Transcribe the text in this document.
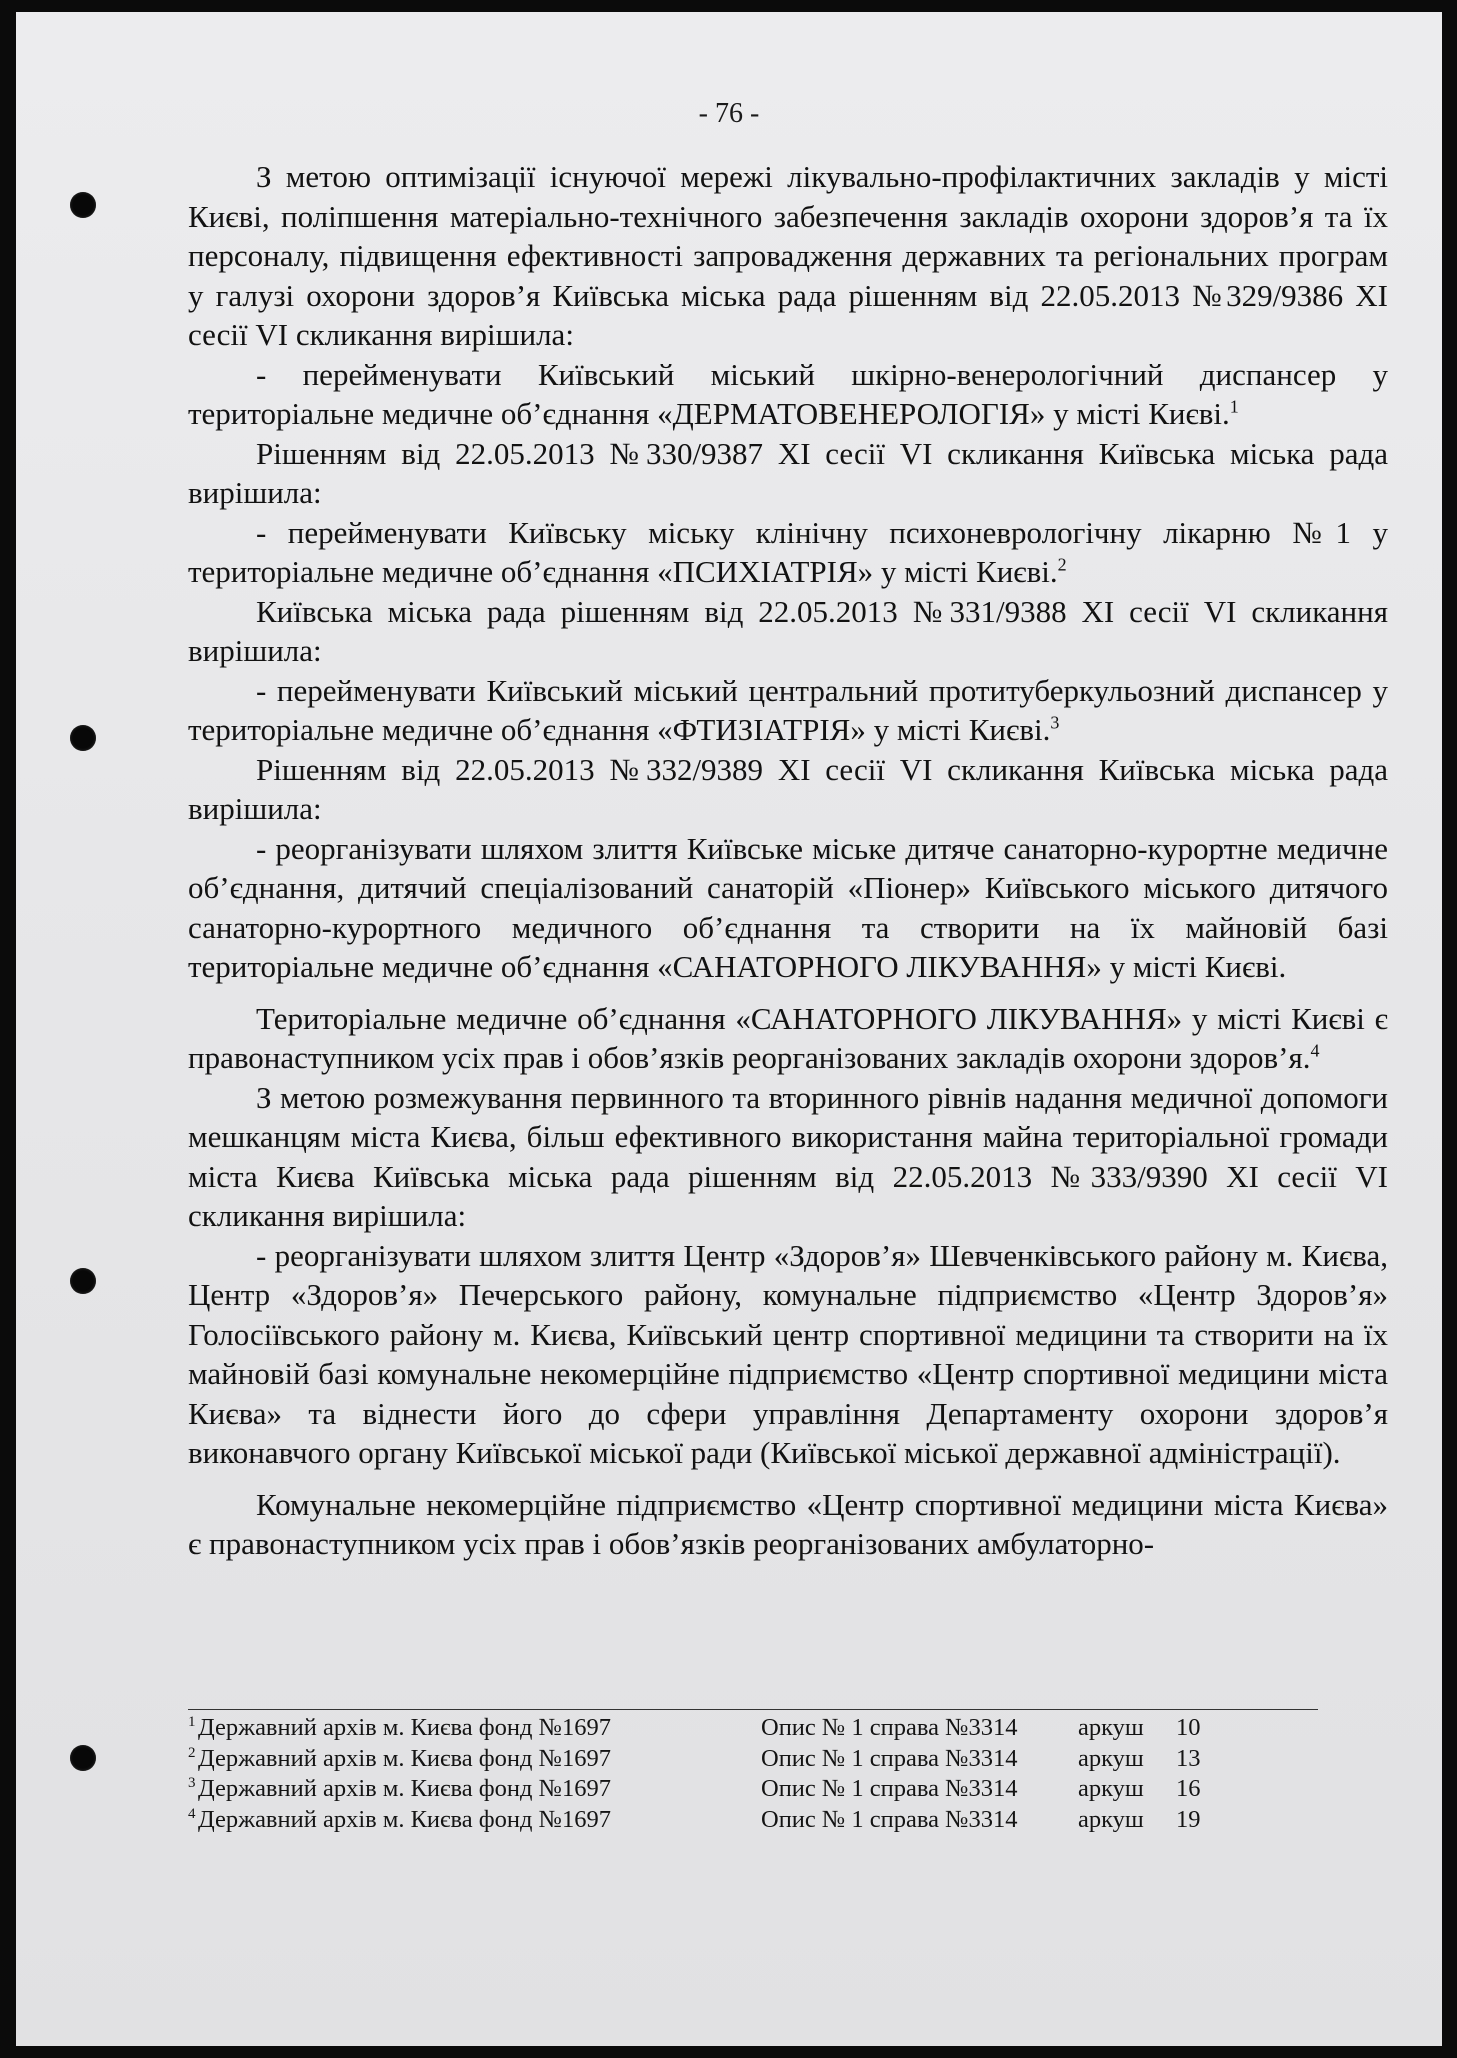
- 76 -

З метою оптимізації існуючої мережі лікувально-профілактичних закладів у місті Києві, поліпшення матеріально-технічного забезпечення закладів охорони здоров’я та їх персоналу, підвищення ефективності запровадження державних та регіональних програм у галузі охорони здоров’я Київська міська рада рішенням від 22.05.2013 №329/9386 XI сесії VI скликання вирішила:

- перейменувати Київський міський шкірно-венерологічний диспансер у територіальне медичне об’єднання «ДЕРМАТОВЕНЕРОЛОГІЯ» у місті Києві.$^1$

Рішенням від 22.05.2013 №330/9387 XI сесії VI скликання Київська міська рада вирішила:

- перейменувати Київську міську клінічну психоневрологічну лікарню №1 у територіальне медичне об’єднання «ПСИХІАТРІЯ» у місті Києві.$^2$

Київська міська рада рішенням від 22.05.2013 №331/9388 XI сесії VI скликання вирішила:

- перейменувати Київський міський центральний протитуберкульозний диспансер у територіальне медичне об’єднання «ФТИЗІАТРІЯ» у місті Києві.$^3$

Рішенням від 22.05.2013 №332/9389 XI сесії VI скликання Київська міська рада вирішила:

- реорганізувати шляхом злиття Київське міське дитяче санаторно-курортне медичне об’єднання, дитячий спеціалізований санаторій «Піонер» Київського міського дитячого санаторно-курортного медичного об’єднання та створити на їх майновій базі територіальне медичне об’єднання «САНАТОРНОГО ЛІКУВАННЯ» у місті Києві.

Територіальне медичне об’єднання «САНАТОРНОГО ЛІКУВАННЯ» у місті Києві є правонаступником усіх прав і обов’язків реорганізованих закладів охорони здоров’я.$^4$

З метою розмежування первинного та вторинного рівнів надання медичної допомоги мешканцям міста Києва, більш ефективного використання майна територіальної громади міста Києва Київська міська рада рішенням від 22.05.2013 №333/9390 XI сесії VI скликання вирішила:

- реорганізувати шляхом злиття Центр «Здоров’я» Шевченківського району м. Києва, Центр «Здоров’я» Печерського району, комунальне підприємство «Центр Здоров’я» Голосіївського району м. Києва, Київський центр спортивної медицини та створити на їх майновій базі комунальне некомерційне підприємство «Центр спортивної медицини міста Києва» та віднести його до сфери управління Департаменту охорони здоров’я виконавчого органу Київської міської ради (Київської міської державної адміністрації).

Комунальне некомерційне підприємство «Центр спортивної медицини міста Києва» є правонаступником усіх прав і обов’язків реорганізованих амбулаторно-

1 Державний архів м. Києва фонд №1697	Опис № 1 справа №3314 аркуш 10
2 Державний архів м. Києва фонд №1697	Опис № 1 справа №3314 аркуш 13
3 Державний архів м. Києва фонд №1697	Опис № 1 справа №3314 аркуш 16
4 Державний архів м. Києва фонд №1697	Опис № 1 справа №3314 аркуш 19
